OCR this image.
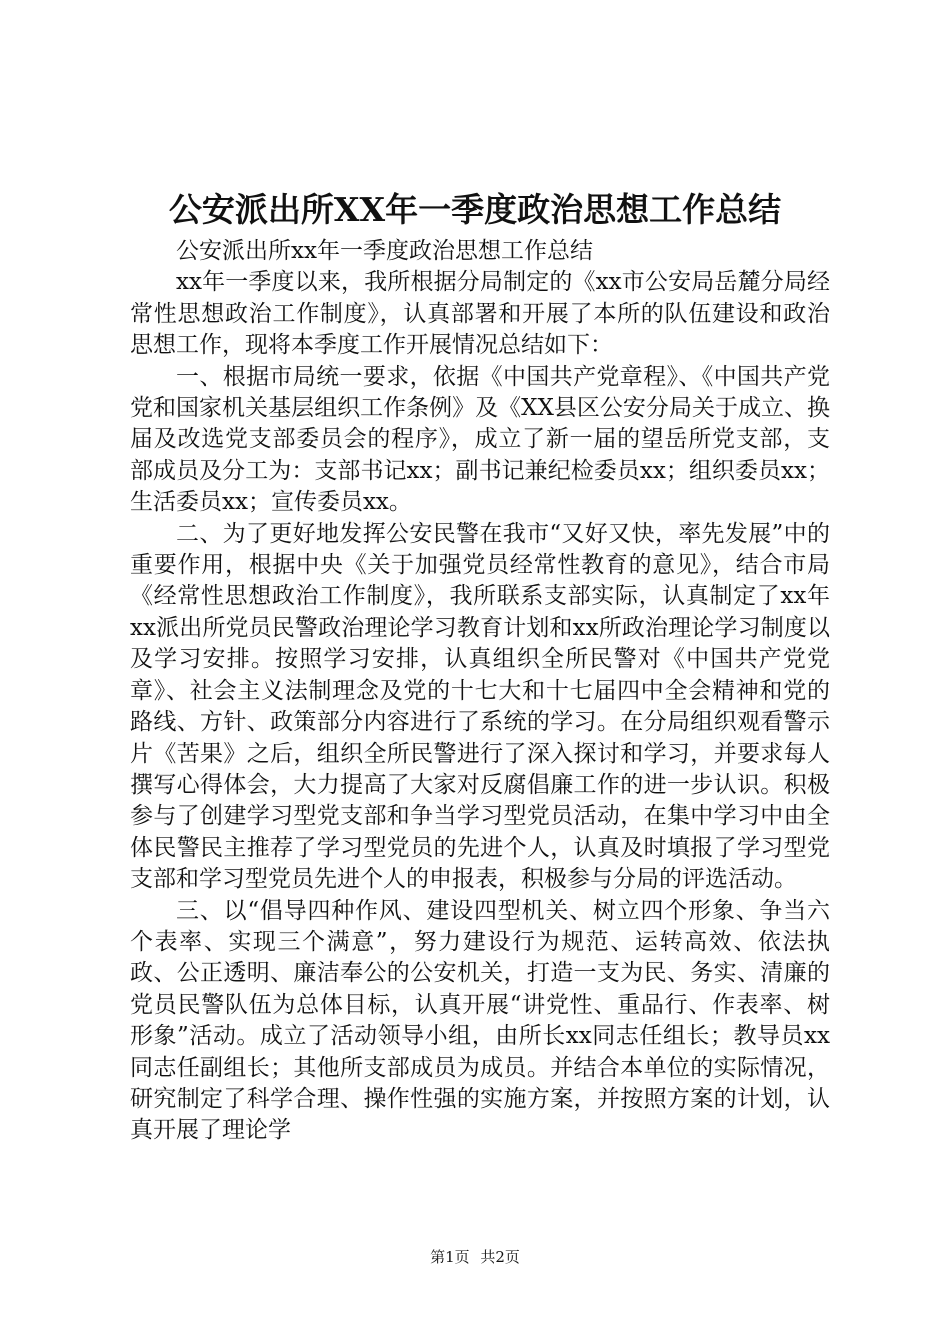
公安派出所XX年一季度政治思想工作总结

公安派出所xx年一季度政治思想工作总结

xx年一季度以来，我所根据分局制定的《xx市公安局岳麓分局经常性思想政治工作制度》，认真部署和开展了本所的队伍建设和政治思想工作，现将本季度工作开展情况总结如下：

一、根据市局统一要求，依据《中国共产党章程》、《中国共产党党和国家机关基层组织工作条例》及《XX县区公安分局关于成立、换届及改选党支部委员会的程序》，成立了新一届的望岳所党支部，支部成员及分工为：支部书记xx；副书记兼纪检委员xx；组织委员xx；生活委员xx；宣传委员xx。

二、为了更好地发挥公安民警在我市“又好又快，率先发展”中的重要作用，根据中央《关于加强党员经常性教育的意见》，结合市局《经常性思想政治工作制度》，我所联系支部实际，认真制定了xx年xx派出所党员民警政治理论学习教育计划和xx所政治理论学习制度以及学习安排。按照学习安排，认真组织全所民警对《中国共产党党章》、社会主义法制理念及党的十七大和十七届四中全会精神和党的路线、方针、政策部分内容进行了系统的学习。在分局组织观看警示片《苦果》之后，组织全所民警进行了深入探讨和学习，并要求每人撰写心得体会，大力提高了大家对反腐倡廉工作的进一步认识。积极参与了创建学习型党支部和争当学习型党员活动，在集中学习中由全体民警民主推荐了学习型党员的先进个人，认真及时填报了学习型党支部和学习型党员先进个人的申报表，积极参与分局的评选活动。

三、以“倡导四种作风、建设四型机关、树立四个形象、争当六个表率、实现三个满意”，努力建设行为规范、运转高效、依法执政、公正透明、廉洁奉公的公安机关，打造一支为民、务实、清廉的党员民警队伍为总体目标，认真开展“讲党性、重品行、作表率、树形象”活动。成立了活动领导小组，由所长xx同志任组长；教导员xx同志任副组长；其他所支部成员为成员。并结合本单位的实际情况，研究制定了科学合理、操作性强的实施方案，并按照方案的计划，认真开展了理论学

第1页 共2页
